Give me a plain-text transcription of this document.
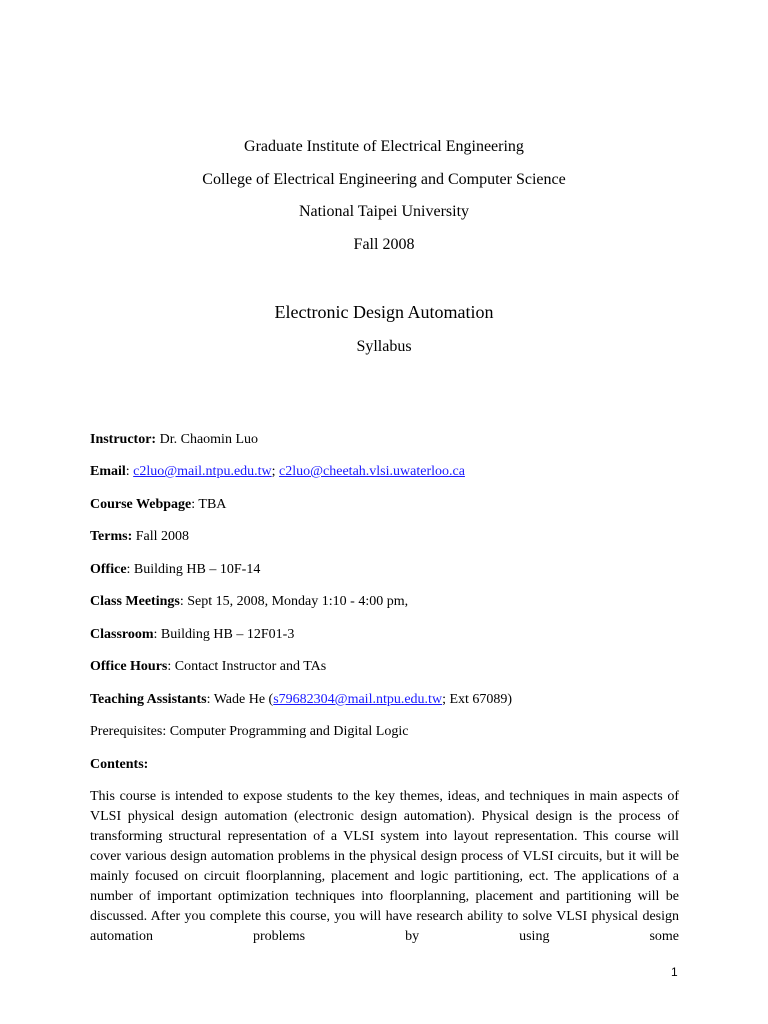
Graduate Institute of Electrical Engineering
College of Electrical Engineering and Computer Science
National Taipei University
Fall 2008
Electronic Design Automation
Syllabus
Instructor: Dr. Chaomin Luo
Email: c2luo@mail.ntpu.edu.tw; c2luo@cheetah.vlsi.uwaterloo.ca
Course Webpage: TBA
Terms: Fall 2008
Office: Building HB – 10F-14
Class Meetings: Sept 15, 2008, Monday 1:10 - 4:00 pm,
Classroom: Building HB – 12F01-3
Office Hours: Contact Instructor and TAs
Teaching Assistants: Wade He (s79682304@mail.ntpu.edu.tw; Ext 67089)
Prerequisites: Computer Programming and Digital Logic
Contents:
This course is intended to expose students to the key themes, ideas, and techniques in main aspects of VLSI physical design automation (electronic design automation). Physical design is the process of transforming structural representation of a VLSI system into layout representation. This course will cover various design automation problems in the physical design process of VLSI circuits, but it will be mainly focused on circuit floorplanning, placement and logic partitioning, ect. The applications of a number of important optimization techniques into floorplanning, placement and partitioning will be discussed. After you complete this course, you will have research ability to solve VLSI physical design automation problems by using some
1
